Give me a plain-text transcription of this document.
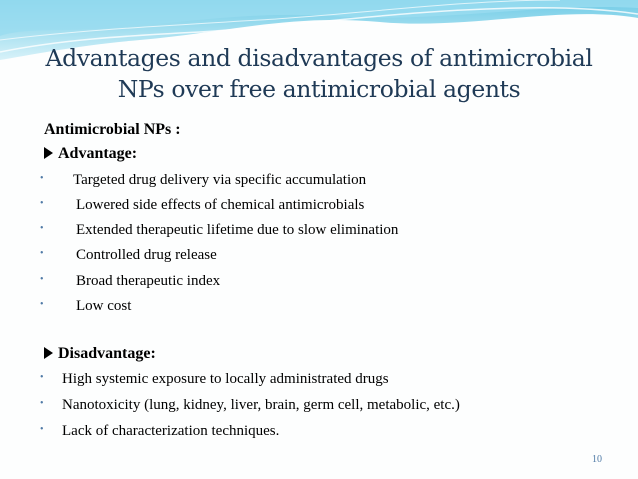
Advantages and disadvantages of antimicrobial
NPs over free antimicrobial agents
Antimicrobial NPs :
Advantage:
• Targeted drug delivery via specific accumulation
• Lowered side effects of chemical antimicrobials
• Extended therapeutic lifetime due to slow elimination
• Controlled drug release
• Broad therapeutic index
• Low cost
Disadvantage:
• High systemic exposure to locally administrated drugs
• Nanotoxicity (lung, kidney, liver, brain, germ cell, metabolic, etc.)
• Lack of characterization techniques.
10
